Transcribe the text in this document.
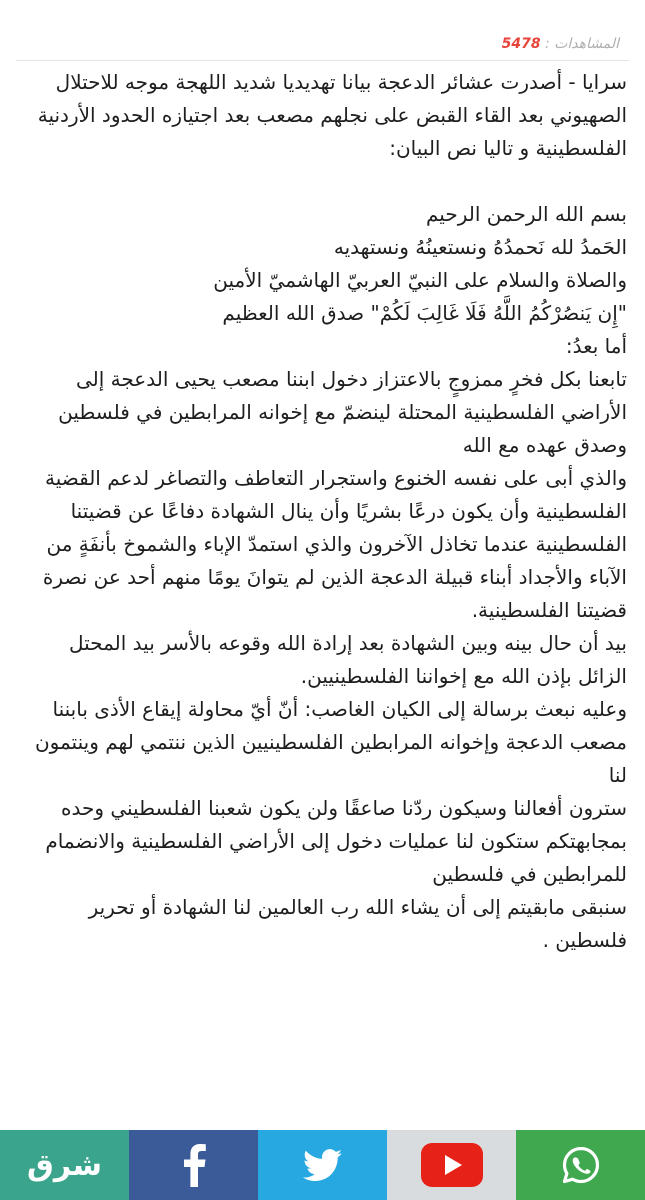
المشاهدات : 5478

سرايا - أصدرت عشائر الدعجة بيانا تهديديا شديد اللهجة موجه للاحتلال الصهيوني بعد القاء القبض على نجلهم مصعب بعد اجتيازه الحدود الأردنية الفلسطينية و تاليا نص البيان:

بسم الله الرحمن الرحيم

الحَمدُ لله نَحمدُهُ ونستعينُهُ ونستهديه

والصلاة والسلام على النبيّ العربيّ الهاشميّ الأمين

"إِن يَنصُرْكُمُ اللَّهُ فَلَا غَالِبَ لَكُمْ" صدق الله العظيم

أما بعدُ:

تابعنا بكل فخرٍ ممزوجٍ بالاعتزاز دخول ابننا مصعب يحيى الدعجة إلى الأراضي الفلسطينية المحتلة لينضمّ مع إخوانه المرابطين في فلسطين وصدق عهده مع الله

والذي أبى على نفسه الخنوع واستجرار التعاطف والتصاغر لدعم القضية الفلسطينية وأن يكون درعًا بشريًا وأن ينال الشهادة دفاعًا عن قضيتنا الفلسطينية عندما تخاذل الآخرون والذي استمدّ الإباء والشموخ بأنفَةٍ من الآباء والأجداد أبناء قبيلة الدعجة الذين لم يتوانَ يومًا منهم أحد عن نصرة قضيتنا الفلسطينية.

بيد أن حال بينه وبين الشهادة بعد إرادة الله وقوعه بالأسر بيد المحتل الزائل بإذن الله مع إخواننا الفلسطينيين.

وعليه نبعث برسالة إلى الكيان الغاصب: أنّ أيّ محاولة إيقاع الأذى بابننا مصعب الدعجة وإخوانه المرابطين الفلسطينيين الذين ننتمي لهم وينتمون لنا

سترون أفعالنا وسيكون ردّنا صاعقًا ولن يكون شعبنا الفلسطيني وحده بمجابهتكم ستكون لنا عمليات دخول إلى الأراضي الفلسطينية والانضمام للمرابطين في فلسطين

سنبقى مابقيتم إلى أن يشاء الله رب العالمين لنا الشهادة أو تحرير فلسطين .

شرق
